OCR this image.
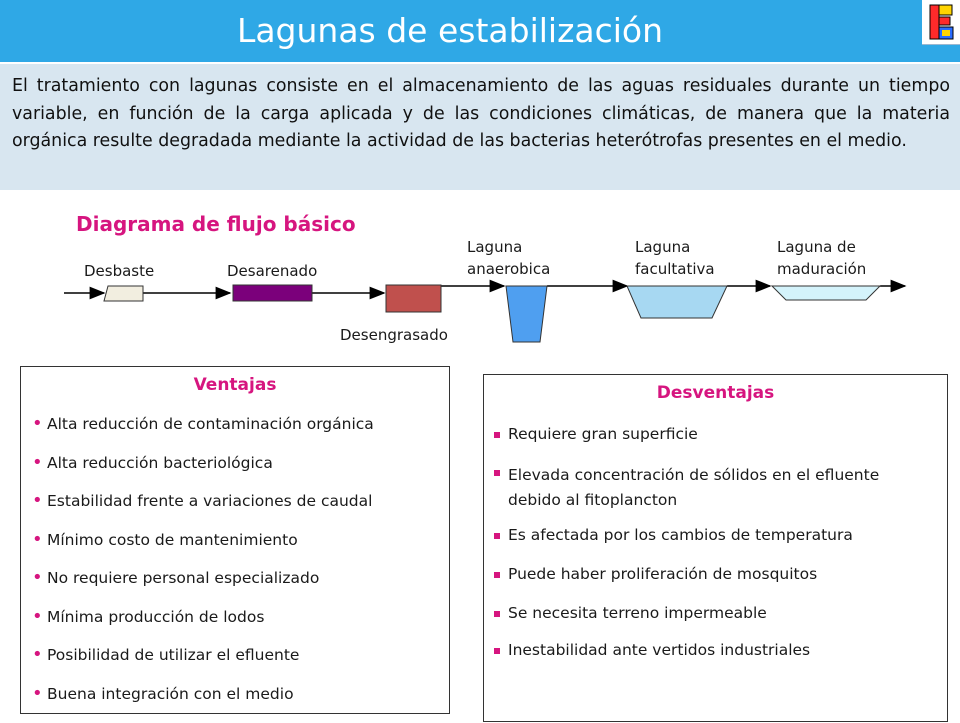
Lagunas de estabilización

El tratamiento con lagunas consiste en el almacenamiento de las aguas residuales durante un tiempo variable, en función de la carga aplicada y de las condiciones climáticas, de manera que la materia orgánica resulte degradada mediante la actividad de las bacterias heterótrofas presentes en el medio.

Diagrama de flujo básico
Desbaste	Desarenado
Desengrasado
Laguna anaerobica
Laguna facultativa
Laguna de maduración
Ventajas
• Alta reducción de contaminación orgánica
• Alta reducción bacteriológica
• Estabilidad frente a variaciones de caudal
• Mínimo costo de mantenimiento
• No requiere personal especializado
• Mínima producción de lodos
• Posibilidad de utilizar el efluente
• Buena integración con el medio
Desventajas
Requiere gran superficie
Elevada concentración de sólidos en el efluente debido al fitoplancton
Es afectada por los cambios de temperatura
Puede haber proliferación de mosquitos
Se necesita terreno impermeable
Inestabilidad ante vertidos industriales
